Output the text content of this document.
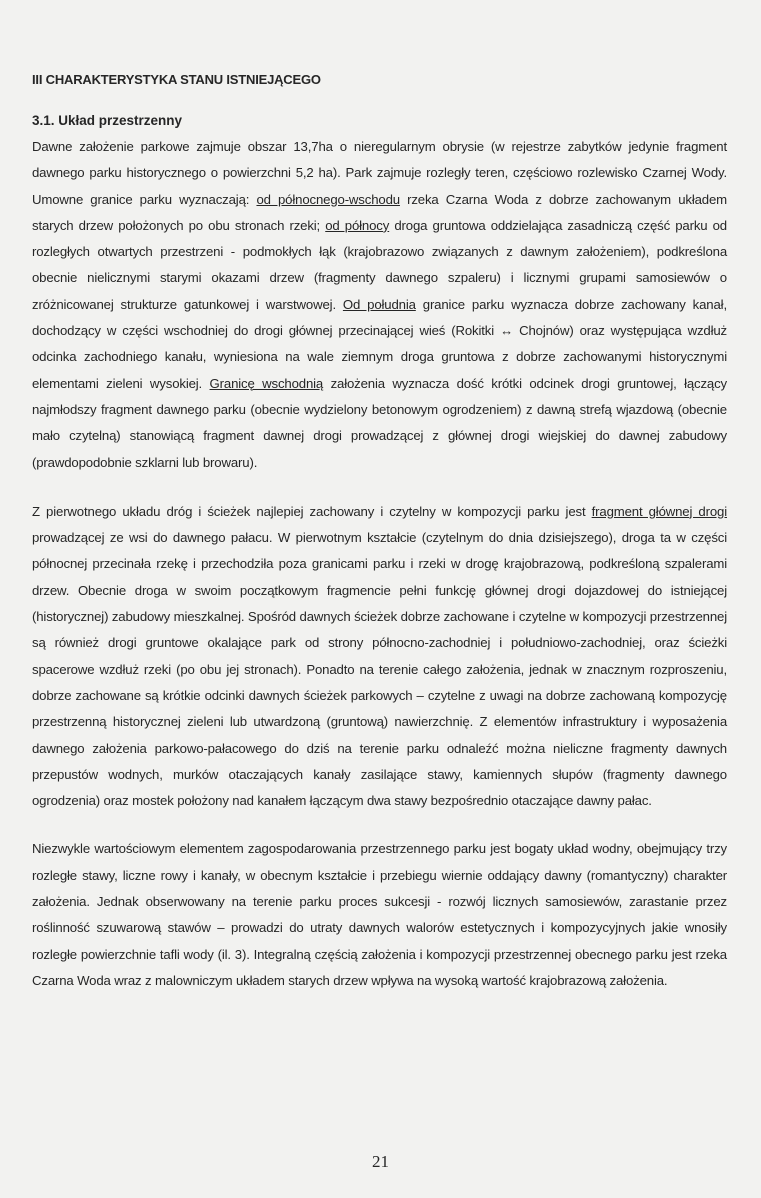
III CHARAKTERYSTYKA STANU ISTNIEJĄCEGO
3.1. Układ przestrzenny

Dawne założenie parkowe zajmuje obszar 13,7ha o nieregularnym obrysie (w rejestrze zabytków jedynie fragment dawnego parku historycznego o powierzchni 5,2 ha). Park zajmuje rozległy teren, częściowo rozlewisko Czarnej Wody. Umowne granice parku wyznaczają: od północnego-wschodu rzeka Czarna Woda z dobrze zachowanym układem starych drzew położonych po obu stronach rzeki; od północy droga gruntowa oddzielająca zasadniczą część parku od rozległych otwartych przestrzeni - podmokłych łąk (krajobrazowo związanych z dawnym założeniem), podkreślona obecnie nielicznymi starymi okazami drzew (fragmenty dawnego szpaleru) i licznymi grupami samosiewów o zróżnicowanej strukturze gatunkowej i warstwowej. Od południa granice parku wyznacza dobrze zachowany kanał, dochodzący w części wschodniej do drogi głównej przecinającej wieś (Rokitki ↔ Chojnów) oraz występująca wzdłuż odcinka zachodniego kanału, wyniesiona na wale ziemnym droga gruntowa z dobrze zachowanymi historycznymi elementami zieleni wysokiej. Granicę wschodnią założenia wyznacza dość krótki odcinek drogi gruntowej, łączący najmłodszy fragment dawnego parku (obecnie wydzielony betonowym ogrodzeniem) z dawną strefą wjazdową (obecnie mało czytelną) stanowiącą fragment dawnej drogi prowadzącej z głównej drogi wiejskiej do dawnej zabudowy (prawdopodobnie szklarni lub browaru).

Z pierwotnego układu dróg i ścieżek najlepiej zachowany i czytelny w kompozycji parku jest fragment głównej drogi prowadzącej ze wsi do dawnego pałacu. W pierwotnym kształcie (czytelnym do dnia dzisiejszego), droga ta w części północnej przecinała rzekę i przechodziła poza granicami parku i rzeki w drogę krajobrazową, podkreśloną szpalerami drzew. Obecnie droga w swoim początkowym fragmencie pełni funkcję głównej drogi dojazdowej do istniejącej (historycznej) zabudowy mieszkalnej. Spośród dawnych ścieżek dobrze zachowane i czytelne w kompozycji przestrzennej są również drogi gruntowe okalające park od strony północno-zachodniej i południowo-zachodniej, oraz ścieżki spacerowe wzdłuż rzeki (po obu jej stronach). Ponadto na terenie całego założenia, jednak w znacznym rozproszeniu, dobrze zachowane są krótkie odcinki dawnych ścieżek parkowych – czytelne z uwagi na dobrze zachowaną kompozycję przestrzenną historycznej zieleni lub utwardzoną (gruntową) nawierzchnię. Z elementów infrastruktury i wyposażenia dawnego założenia parkowo-pałacowego do dziś na terenie parku odnaleźć można nieliczne fragmenty dawnych przepustów wodnych, murków otaczających kanały zasilające stawy, kamiennych słupów (fragmenty dawnego ogrodzenia) oraz mostek położony nad kanałem łączącym dwa stawy bezpośrednio otaczające dawny pałac.

Niezwykle wartościowym elementem zagospodarowania przestrzennego parku jest bogaty układ wodny, obejmujący trzy rozległe stawy, liczne rowy i kanały, w obecnym kształcie i przebiegu wiernie oddający dawny (romantyczny) charakter założenia. Jednak obserwowany na terenie parku proces sukcesji - rozwój licznych samosiewów, zarastanie przez roślinność szuwarową stawów – prowadzi do utraty dawnych walorów estetycznych i kompozycyjnych jakie wnosiły rozległe powierzchnie tafli wody (il. 3). Integralną częścią założenia i kompozycji przestrzennej obecnego parku jest rzeka Czarna Woda wraz z malowniczym układem starych drzew wpływa na wysoką wartość krajobrazową założenia.

21
